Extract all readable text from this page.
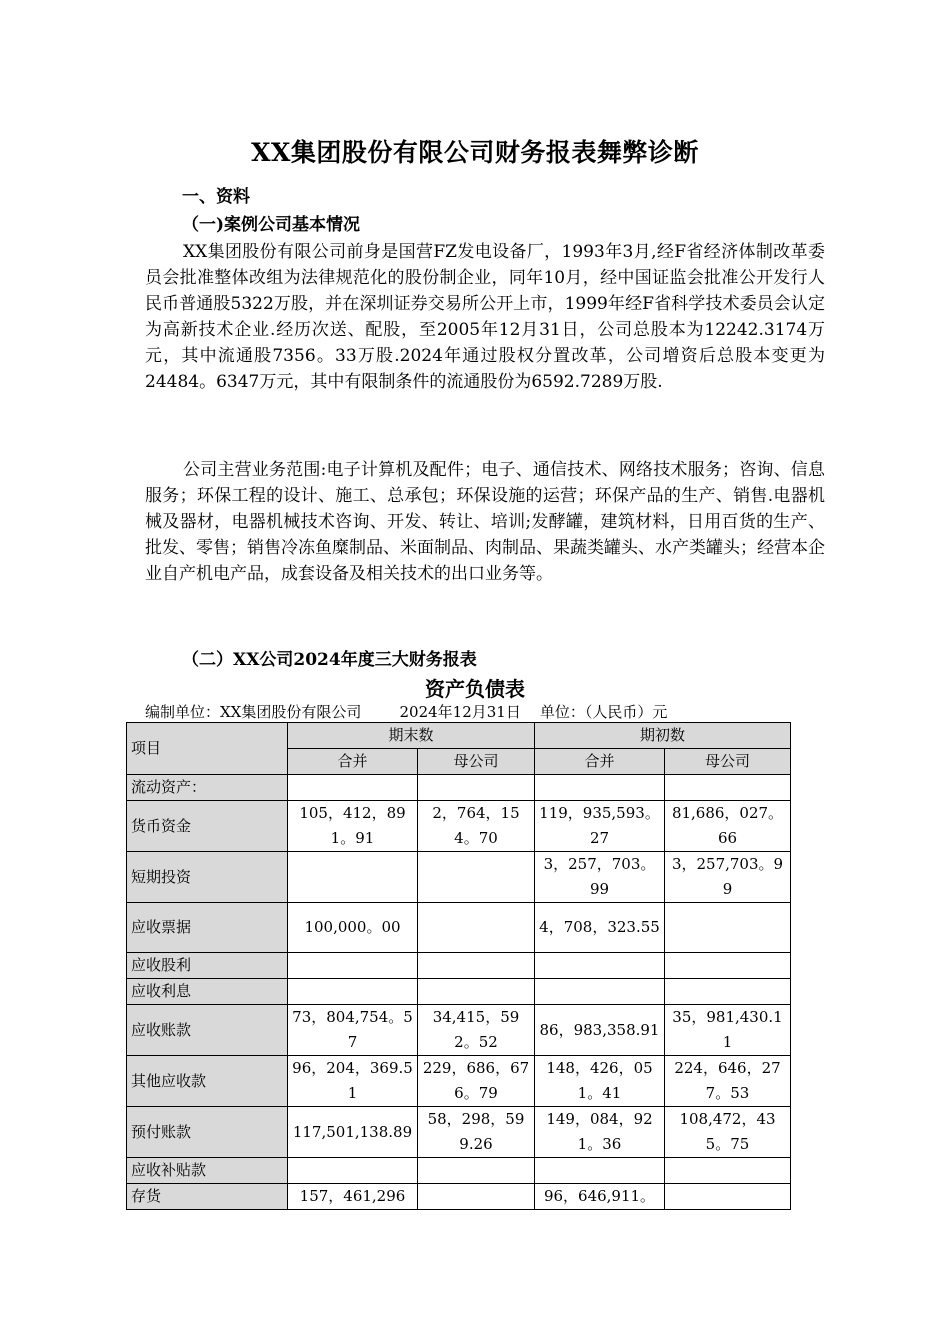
XX集团股份有限公司财务报表舞弊诊断
一、资料
（一)案例公司基本情况

XX集团股份有限公司前身是国营FZ发电设备厂，1993年3月,经F省经济体制改革委员会批准整体改组为法律规范化的股份制企业，同年10月，经中国证监会批准公开发行人民币普通股5322万股，并在深圳证券交易所公开上市，1999年经F省科学技术委员会认定为高新技术企业.经历次送、配股，至2005年12月31日，公司总股本为12242.3174万元，其中流通股7356。33万股.2024年通过股权分置改革，公司增资后总股本变更为24484。6347万元，其中有限制条件的流通股份为6592.7289万股.

公司主营业务范围:电子计算机及配件；电子、通信技术、网络技术服务；咨询、信息服务；环保工程的设计、施工、总承包；环保设施的运营；环保产品的生产、销售.电器机械及器材，电器机械技术咨询、开发、转让、培训;发酵罐，建筑材料，日用百货的生产、批发、零售；销售冷冻鱼糜制品、米面制品、肉制品、果蔬类罐头、水产类罐头；经营本企业自产机电产品，成套设备及相关技术的出口业务等。

（二）XX公司2024年度三大财务报表
资产负债表
编制单位：XX集团股份有限公司        2024年12月31日    单位：（人民币）元
项目	期末数		期初数	
	合并	母公司	合并	母公司
流动资产：				
货币资金	105，412，891。91	2，764，154。70	119，935,593。27	81,686，027。66
短期投资			3，257，703。99	3，257,703。99
应收票据	100,000。00		4，708，323.55	
应收股利				
应收利息				
应收账款	73，804,754。57	34,415，592。52	86，983,358.91	35，981,430.11
其他应收款	96，204，369.51	229，686，676。79	148，426，051。41	224，646，277。53
预付账款	117,501,138.89	58，298，599.26	149，084，921。36	108,472，435。75
应收补贴款				
存货	157，461,296		96，646,911。	
